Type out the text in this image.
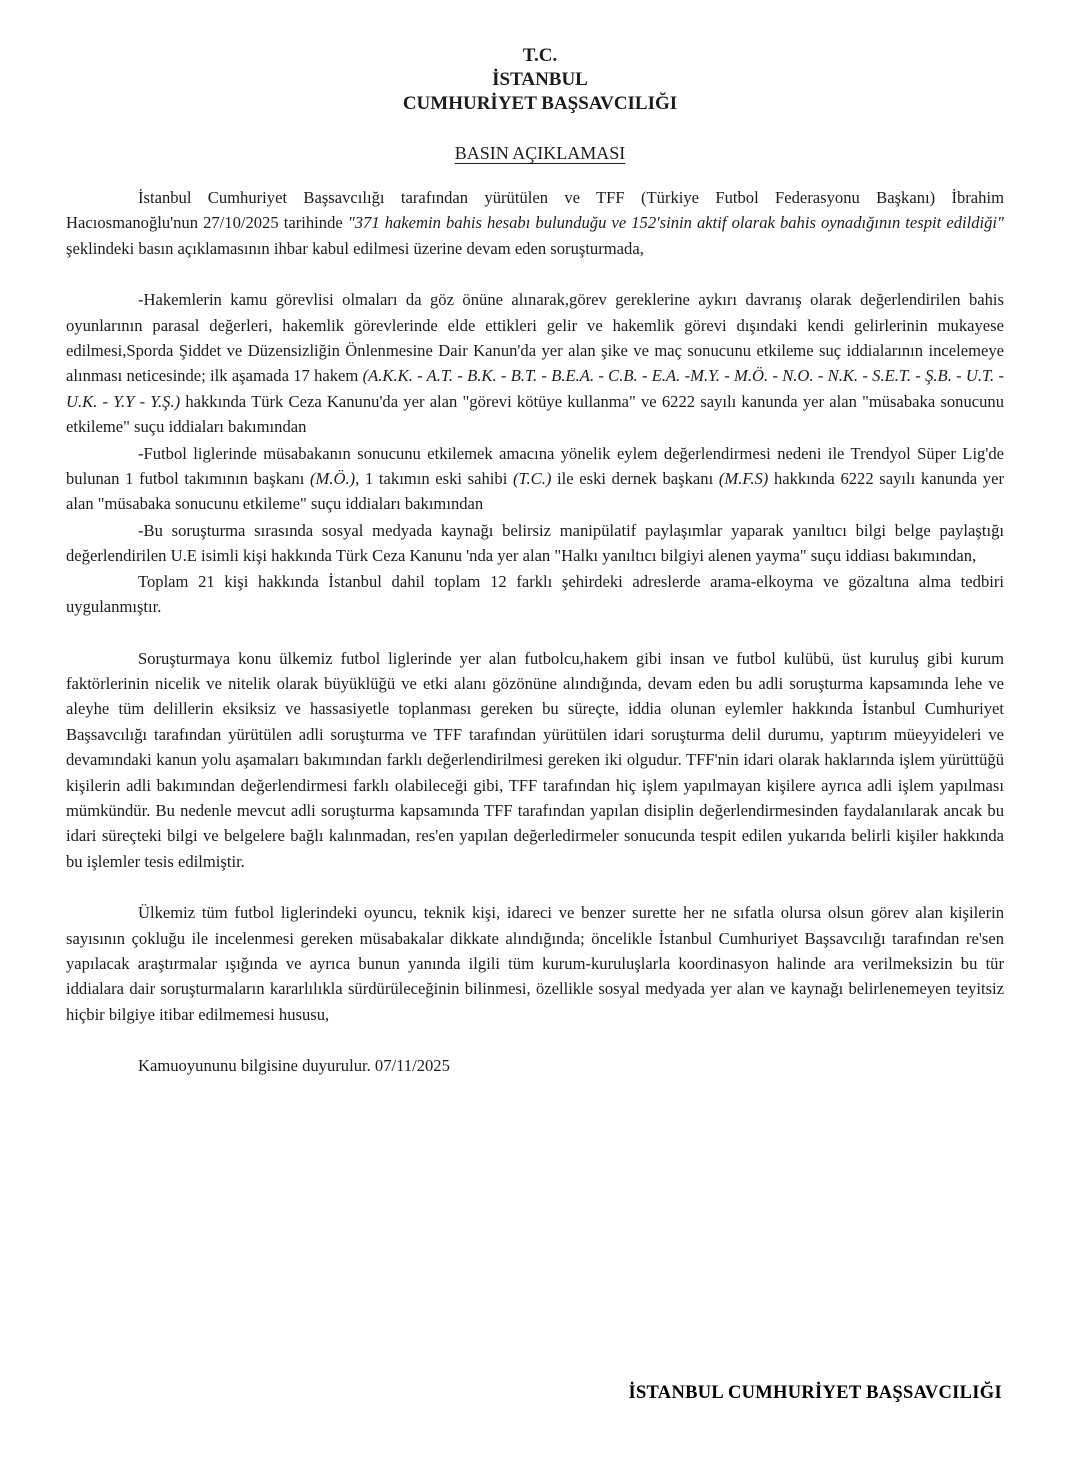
T.C.
İSTANBUL
CUMHURİYET BAŞSAVCILIĞI
BASIN AÇIKLAMASI

İstanbul Cumhuriyet Başsavcılığı tarafından yürütülen ve TFF (Türkiye Futbol Federasyonu Başkanı) İbrahim Hacıosmanoğlu'nun 27/10/2025 tarihinde "371 hakemin bahis hesabı bulunduğu ve 152'sinin aktif olarak bahis oynadığının tespit edildiği" şeklindeki basın açıklamasının ihbar kabul edilmesi üzerine devam eden soruşturmada,

-Hakemlerin kamu görevlisi olmaları da göz önüne alınarak,görev gereklerine aykırı davranış olarak değerlendirilen bahis oyunlarının parasal değerleri, hakemlik görevlerinde elde ettikleri gelir ve hakemlik görevi dışındaki kendi gelirlerinin mukayese edilmesi,Sporda Şiddet ve Düzensizliğin Önlenmesine Dair Kanun'da yer alan şike ve maç sonucunu etkileme suç iddialarının incelemeye alınması neticesinde; ilk aşamada 17 hakem (A.K.K. - A.T. - B.K. - B.T. - B.E.A. - C.B. - E.A. -M.Y. - M.Ö. - N.O. - N.K. - S.E.T. - Ş.B. - U.T. - U.K. - Y.Y - Y.Ş.) hakkında Türk Ceza Kanunu'da yer alan "görevi kötüye kullanma" ve 6222 sayılı kanunda yer alan "müsabaka sonucunu etkileme" suçu iddiaları bakımından

-Futbol liglerinde müsabakanın sonucunu etkilemek amacına yönelik eylem değerlendirmesi nedeni ile Trendyol Süper Lig'de bulunan 1 futbol takımının başkanı (M.Ö.), 1 takımın eski sahibi (T.C.) ile eski dernek başkanı (M.F.S) hakkında 6222 sayılı kanunda yer alan "müsabaka sonucunu etkileme" suçu iddiaları bakımından

-Bu soruşturma sırasında sosyal medyada kaynağı belirsiz manipülatif paylaşımlar yaparak yanıltıcı bilgi belge paylaştığı değerlendirilen U.E isimli kişi hakkında Türk Ceza Kanunu 'nda yer alan "Halkı yanıltıcı bilgiyi alenen yayma" suçu iddiası bakımından,

Toplam 21 kişi hakkında İstanbul dahil toplam 12 farklı şehirdeki adreslerde arama-elkoyma ve gözaltına alma tedbiri uygulanmıştır.

Soruşturmaya konu ülkemiz futbol liglerinde yer alan futbolcu,hakem gibi insan ve futbol kulübü, üst kuruluş gibi kurum faktörlerinin nicelik ve nitelik olarak büyüklüğü ve etki alanı gözönüne alındığında, devam eden bu adli soruşturma kapsamında lehe ve aleyhe tüm delillerin eksiksiz ve hassasiyetle toplanması gereken bu süreçte, iddia olunan eylemler hakkında İstanbul Cumhuriyet Başsavcılığı tarafından yürütülen adli soruşturma ve TFF tarafından yürütülen idari soruşturma delil durumu, yaptırım müeyyideleri ve devamındaki kanun yolu aşamaları bakımından farklı değerlendirilmesi gereken iki olgudur. TFF'nin idari olarak haklarında işlem yürüttüğü kişilerin adli bakımından değerlendirmesi farklı olabileceği gibi, TFF tarafından hiç işlem yapılmayan kişilere ayrıca adli işlem yapılması mümkündür. Bu nedenle mevcut adli soruşturma kapsamında TFF tarafından yapılan disiplin değerlendirmesinden faydalanılarak ancak bu idari süreçteki bilgi ve belgelere bağlı kalınmadan, res'en yapılan değerledirmeler sonucunda tespit edilen yukarıda belirli kişiler hakkında bu işlemler tesis edilmiştir.

Ülkemiz tüm futbol liglerindeki oyuncu, teknik kişi, idareci ve benzer surette her ne sıfatla olursa olsun görev alan kişilerin sayısının çokluğu ile incelenmesi gereken müsabakalar dikkate alındığında; öncelikle İstanbul Cumhuriyet Başsavcılığı tarafından re'sen yapılacak araştırmalar ışığında ve ayrıca bunun yanında ilgili tüm kurum-kuruluşlarla koordinasyon halinde ara verilmeksizin bu tür iddialara dair soruşturmaların kararlılıkla sürdürüleceğinin bilinmesi, özellikle sosyal medyada yer alan ve kaynağı belirlenemeyen teyitsiz hiçbir bilgiye itibar edilmemesi hususu,

Kamuoyununu bilgisine duyurulur. 07/11/2025

İSTANBUL CUMHURİYET BAŞSAVCILIĞI
